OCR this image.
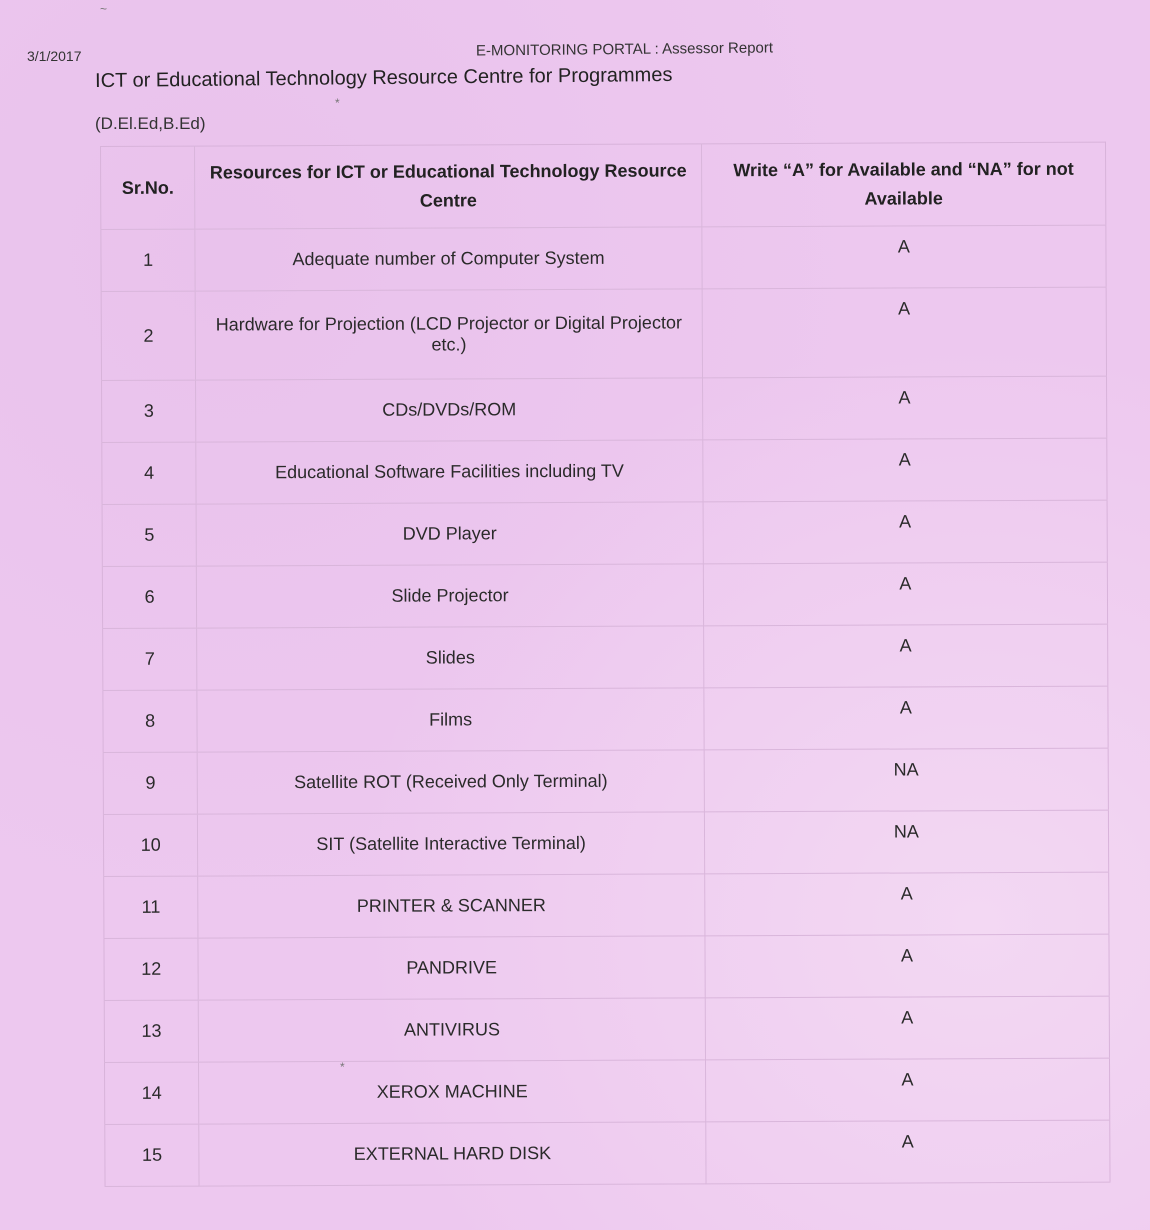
3/1/2017	E-MONITORING PORTAL : Assessor Report
ICT or Educational Technology Resource Centre for Programmes
(D.El.Ed,B.Ed)
Sr.No.	Resources for ICT or Educational Technology Resource Centre	Write “A” for Available and “NA” for not Available
1	Adequate number of Computer System	A
2	Hardware for Projection (LCD Projector or Digital Projector etc.)	A
3	CDs/DVDs/ROM	A
4	Educational Software Facilities including TV	A
5	DVD Player	A
6	Slide Projector	A
7	Slides	A
8	Films	A
9	Satellite ROT (Received Only Terminal)	NA
10	SIT (Satellite Interactive Terminal)	NA
11	PRINTER & SCANNER	A
12	PANDRIVE	A
13	ANTIVIRUS	A
14	XEROX MACHINE	A
15	EXTERNAL HARD DISK	A
~
*
*
